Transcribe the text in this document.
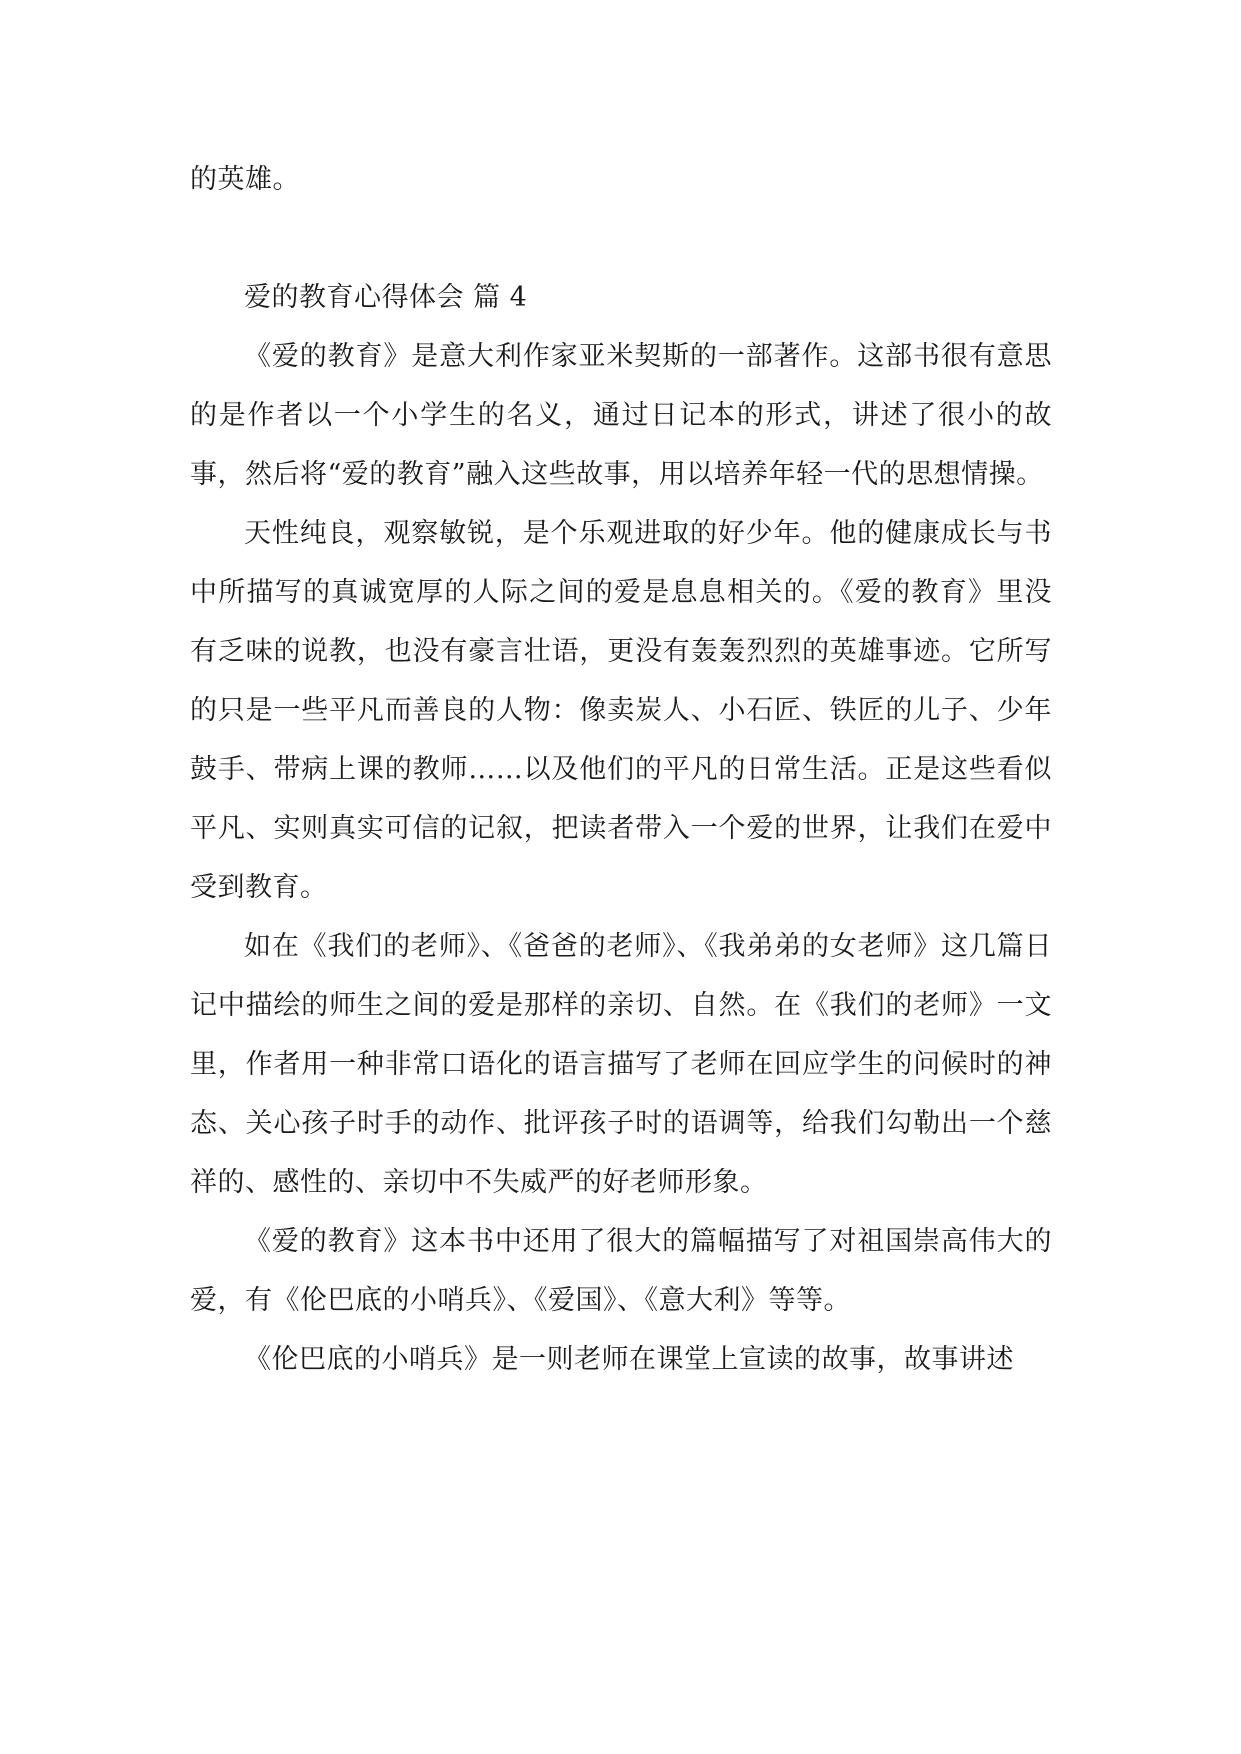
的英雄。

爱的教育心得体会 篇 4

《爱的教育》是意大利作家亚米契斯的一部著作。这部书很有意思的是作者以一个小学生的名义，通过日记本的形式，讲述了很小的故事，然后将“爱的教育”融入这些故事，用以培养年轻一代的思想情操。

天性纯良，观察敏锐，是个乐观进取的好少年。他的健康成长与书中所描写的真诚宽厚的人际之间的爱是息息相关的。《爱的教育》里没有乏味的说教，也没有豪言壮语，更没有轰轰烈烈的英雄事迹。它所写的只是一些平凡而善良的人物：像卖炭人、小石匠、铁匠的儿子、少年鼓手、带病上课的教师……以及他们的平凡的日常生活。正是这些看似平凡、实则真实可信的记叙，把读者带入一个爱的世界，让我们在爱中受到教育。

如在《我们的老师》、《爸爸的老师》、《我弟弟的女老师》这几篇日记中描绘的师生之间的爱是那样的亲切、自然。在《我们的老师》一文里，作者用一种非常口语化的语言描写了老师在回应学生的问候时的神态、关心孩子时手的动作、批评孩子时的语调等，给我们勾勒出一个慈祥的、感性的、亲切中不失威严的好老师形象。

《爱的教育》这本书中还用了很大的篇幅描写了对祖国崇高伟大的爱，有《伦巴底的小哨兵》、《爱国》、《意大利》等等。

《伦巴底的小哨兵》是一则老师在课堂上宣读的故事，故事讲述
